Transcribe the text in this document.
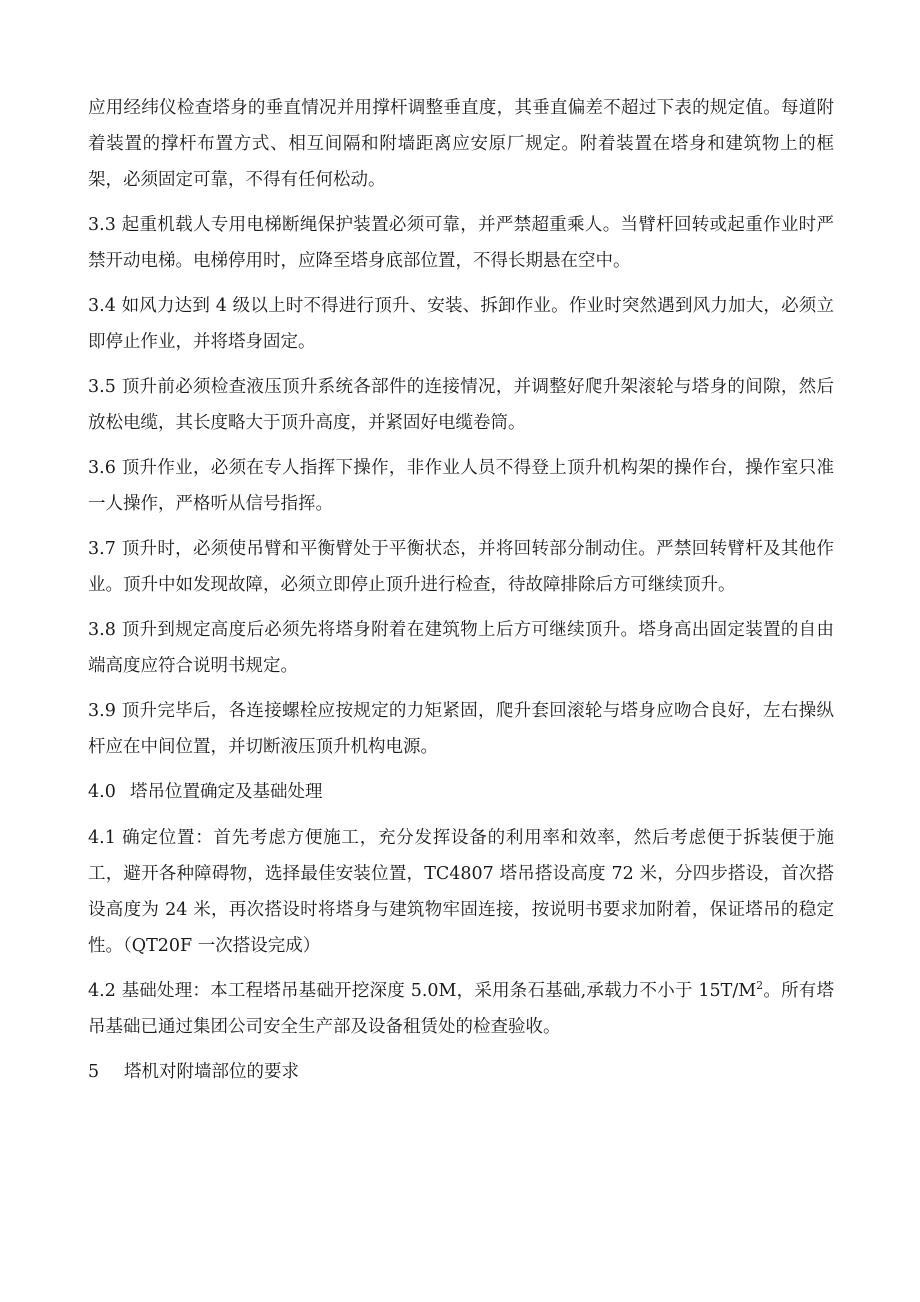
应用经纬仪检查塔身的垂直情况并用撑杆调整垂直度，其垂直偏差不超过下表的规定值。每道附着装置的撑杆布置方式、相互间隔和附墙距离应安原厂规定。附着装置在塔身和建筑物上的框架，必须固定可靠，不得有任何松动。

3.3 起重机载人专用电梯断绳保护装置必须可靠，并严禁超重乘人。当臂杆回转或起重作业时严禁开动电梯。电梯停用时，应降至塔身底部位置，不得长期悬在空中。

3.4 如风力达到 4 级以上时不得进行顶升、安装、拆卸作业。作业时突然遇到风力加大，必须立即停止作业，并将塔身固定。

3.5 顶升前必须检查液压顶升系统各部件的连接情况，并调整好爬升架滚轮与塔身的间隙，然后放松电缆，其长度略大于顶升高度，并紧固好电缆卷筒。

3.6 顶升作业，必须在专人指挥下操作，非作业人员不得登上顶升机构架的操作台，操作室只准一人操作，严格听从信号指挥。

3.7 顶升时，必须使吊臂和平衡臂处于平衡状态，并将回转部分制动住。严禁回转臂杆及其他作业。顶升中如发现故障，必须立即停止顶升进行检查，待故障排除后方可继续顶升。

3.8 顶升到规定高度后必须先将塔身附着在建筑物上后方可继续顶升。塔身高出固定装置的自由端高度应符合说明书规定。

3.9 顶升完毕后，各连接螺栓应按规定的力矩紧固，爬升套回滚轮与塔身应吻合良好，左右操纵杆应在中间位置，并切断液压顶升机构电源。

4.0 塔吊位置确定及基础处理

4.1 确定位置：首先考虑方便施工，充分发挥设备的利用率和效率，然后考虑便于拆装便于施工，避开各种障碍物，选择最佳安装位置，TC4807 塔吊搭设高度 72 米，分四步搭设，首次搭设高度为 24 米，再次搭设时将塔身与建筑物牢固连接，按说明书要求加附着，保证塔吊的稳定性。（QT20F 一次搭设完成）

4.2 基础处理：本工程塔吊基础开挖深度 5.0M，采用条石基础,承载力不小于 $15T/M^2$。所有塔吊基础已通过集团公司安全生产部及设备租赁处的检查验收。

5 塔机对附墙部位的要求
